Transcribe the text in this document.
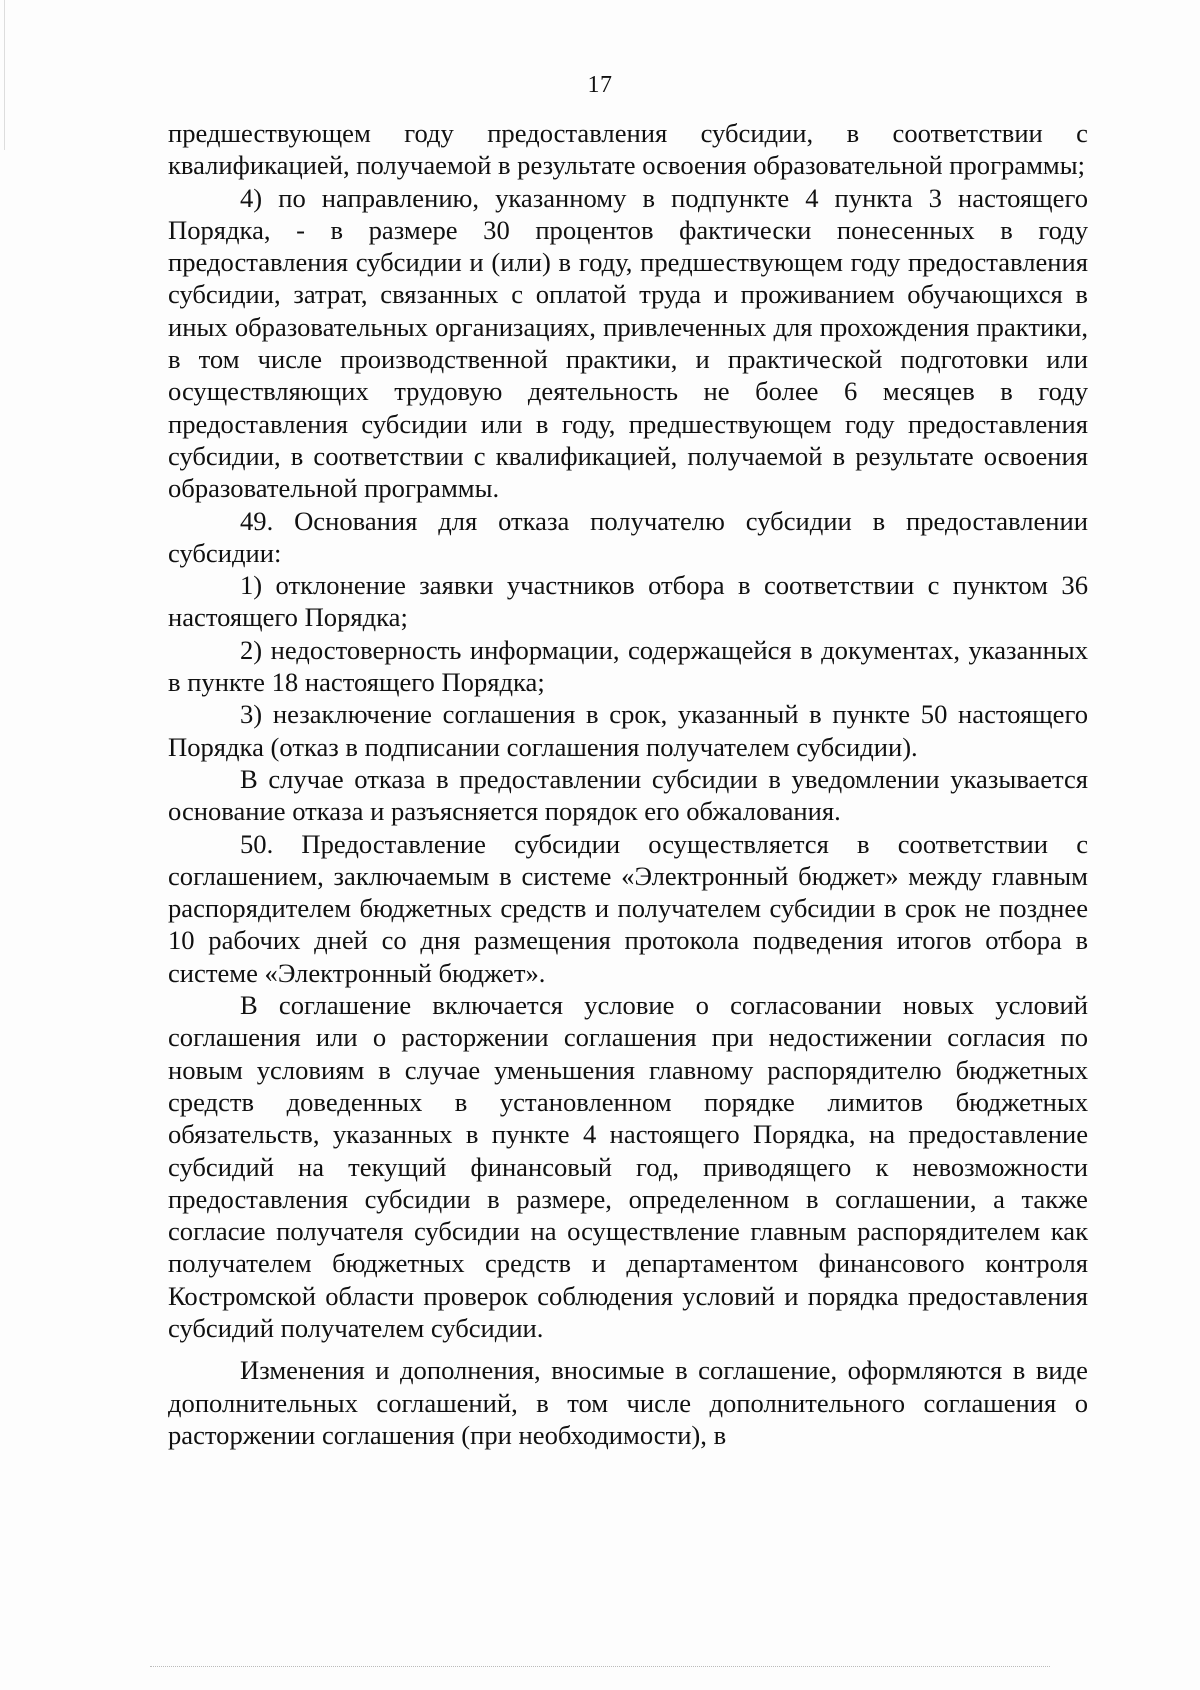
17

предшествующем году предоставления субсидии, в соответствии с квалификацией, получаемой в результате освоения образовательной программы;

4) по направлению, указанному в подпункте 4 пункта 3 настоящего Порядка, - в размере 30 процентов фактически понесенных в году предоставления субсидии и (или) в году, предшествующем году предоставления субсидии, затрат, связанных с оплатой труда и проживанием обучающихся в иных образовательных организациях, привлеченных для прохождения практики, в том числе производственной практики, и практической подготовки или осуществляющих трудовую деятельность не более 6 месяцев в году предоставления субсидии или в году, предшествующем году предоставления субсидии, в соответствии с квалификацией, получаемой в результате освоения образовательной программы.

49. Основания для отказа получателю субсидии в предоставлении субсидии:

1) отклонение заявки участников отбора в соответствии с пунктом 36 настоящего Порядка;

2) недостоверность информации, содержащейся в документах, указанных в пункте 18 настоящего Порядка;

3) незаключение соглашения в срок, указанный в пункте 50 настоящего Порядка (отказ в подписании соглашения получателем субсидии).

В случае отказа в предоставлении субсидии в уведомлении указывается основание отказа и разъясняется порядок его обжалования.

50. Предоставление субсидии осуществляется в соответствии с соглашением, заключаемым в системе «Электронный бюджет» между главным распорядителем бюджетных средств и получателем субсидии в срок не позднее 10 рабочих дней со дня размещения протокола подведения итогов отбора в системе «Электронный бюджет».

В соглашение включается условие о согласовании новых условий соглашения или о расторжении соглашения при недостижении согласия по новым условиям в случае уменьшения главному распорядителю бюджетных средств доведенных в установленном порядке лимитов бюджетных обязательств, указанных в пункте 4 настоящего Порядка, на предоставление субсидий на текущий финансовый год, приводящего к невозможности предоставления субсидии в размере, определенном в соглашении, а также согласие получателя субсидии на осуществление главным распорядителем как получателем бюджетных средств и департаментом финансового контроля Костромской области проверок соблюдения условий и порядка предоставления субсидий получателем субсидии.

Изменения и дополнения, вносимые в соглашение, оформляются в виде дополнительных соглашений, в том числе дополнительного соглашения о расторжении соглашения (при необходимости), в
